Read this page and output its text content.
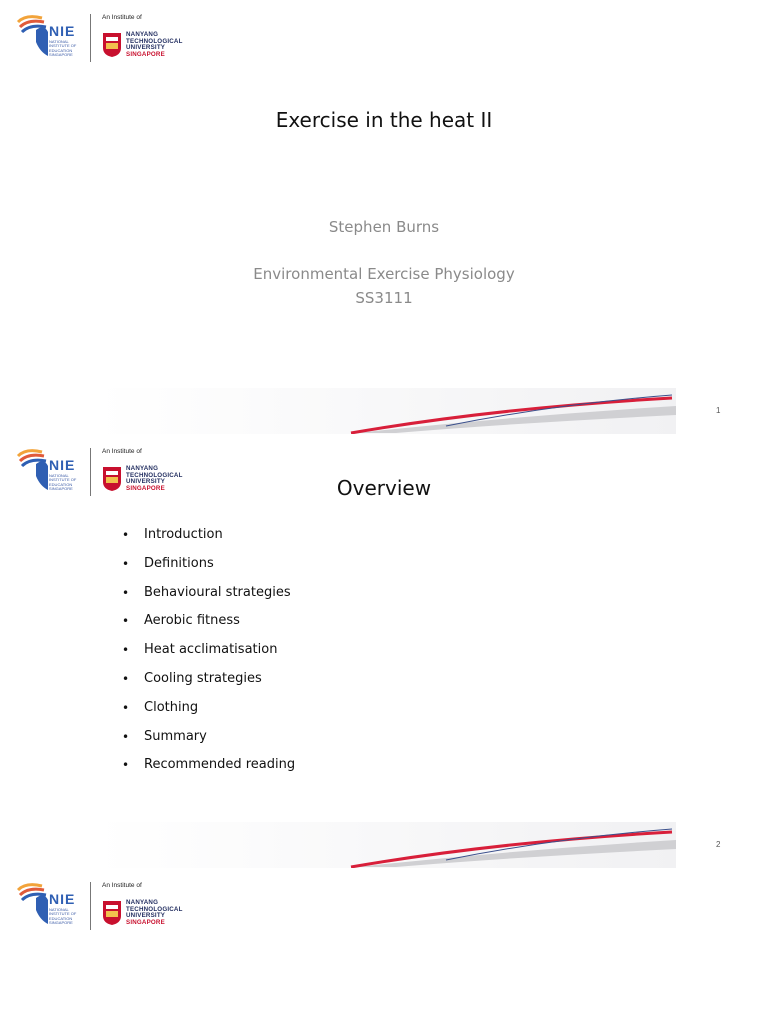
NIE
NATIONAL
INSTITUTE OF
EDUCATION
SINGAPORE
An Institute of
NANYANG
TECHNOLOGICAL
UNIVERSITY
SINGAPORE
Exercise in the heat II
Stephen Burns
Environmental Exercise Physiology
SS3111
1
NIE
NATIONAL
INSTITUTE OF
EDUCATION
SINGAPORE
An Institute of
NANYANG
TECHNOLOGICAL
UNIVERSITY
SINGAPORE	Overview
• Introduction
• Definitions
• Behavioural strategies
• Aerobic fitness
• Heat acclimatisation
• Cooling strategies
• Clothing
• Summary
• Recommended reading
2
NIE
NATIONAL
INSTITUTE OF
EDUCATION
SINGAPORE
An Institute of
NANYANG
TECHNOLOGICAL
UNIVERSITY
SINGAPORE
